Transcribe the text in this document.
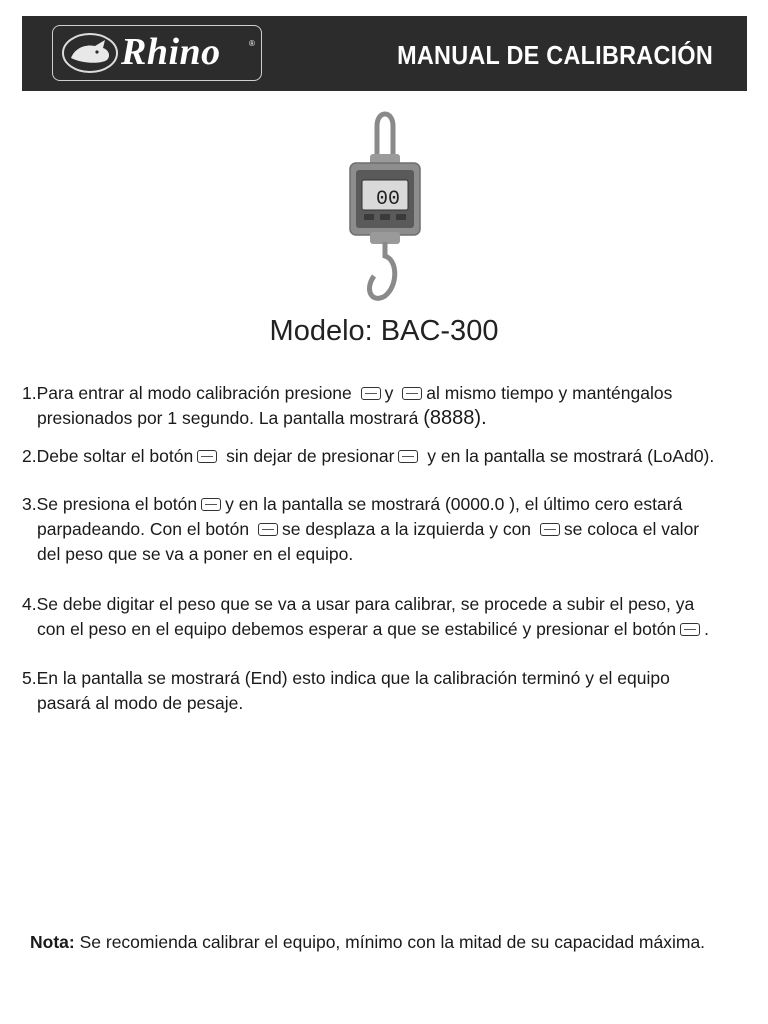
Rhino	®	MANUAL DE CALIBRACIÓN
00
Modelo: BAC-300
1.Para entrar al modo calibración presione y al mismo tiempo y manténgalos
presionados por 1 segundo. La pantalla mostrará (8888).
2.Debe soltar el botón sin dejar de presionar y en la pantalla se mostrará (LoAd0).
3.Se presiona el botón y en la pantalla se mostrará (0000.0 ), el último cero estará
parpadeando. Con el botón se desplaza a la izquierda y con se coloca el valor
del peso que se va a poner en el equipo.
4.Se debe digitar el peso que se va a usar para calibrar, se procede a subir el peso, ya
con el peso en el equipo debemos esperar a que se estabilicé y presionar el botón .
5.En la pantalla se mostrará (End) esto indica que la calibración terminó y el equipo
pasará al modo de pesaje.
Nota: Se recomienda calibrar el equipo, mínimo con la mitad de su capacidad máxima.
